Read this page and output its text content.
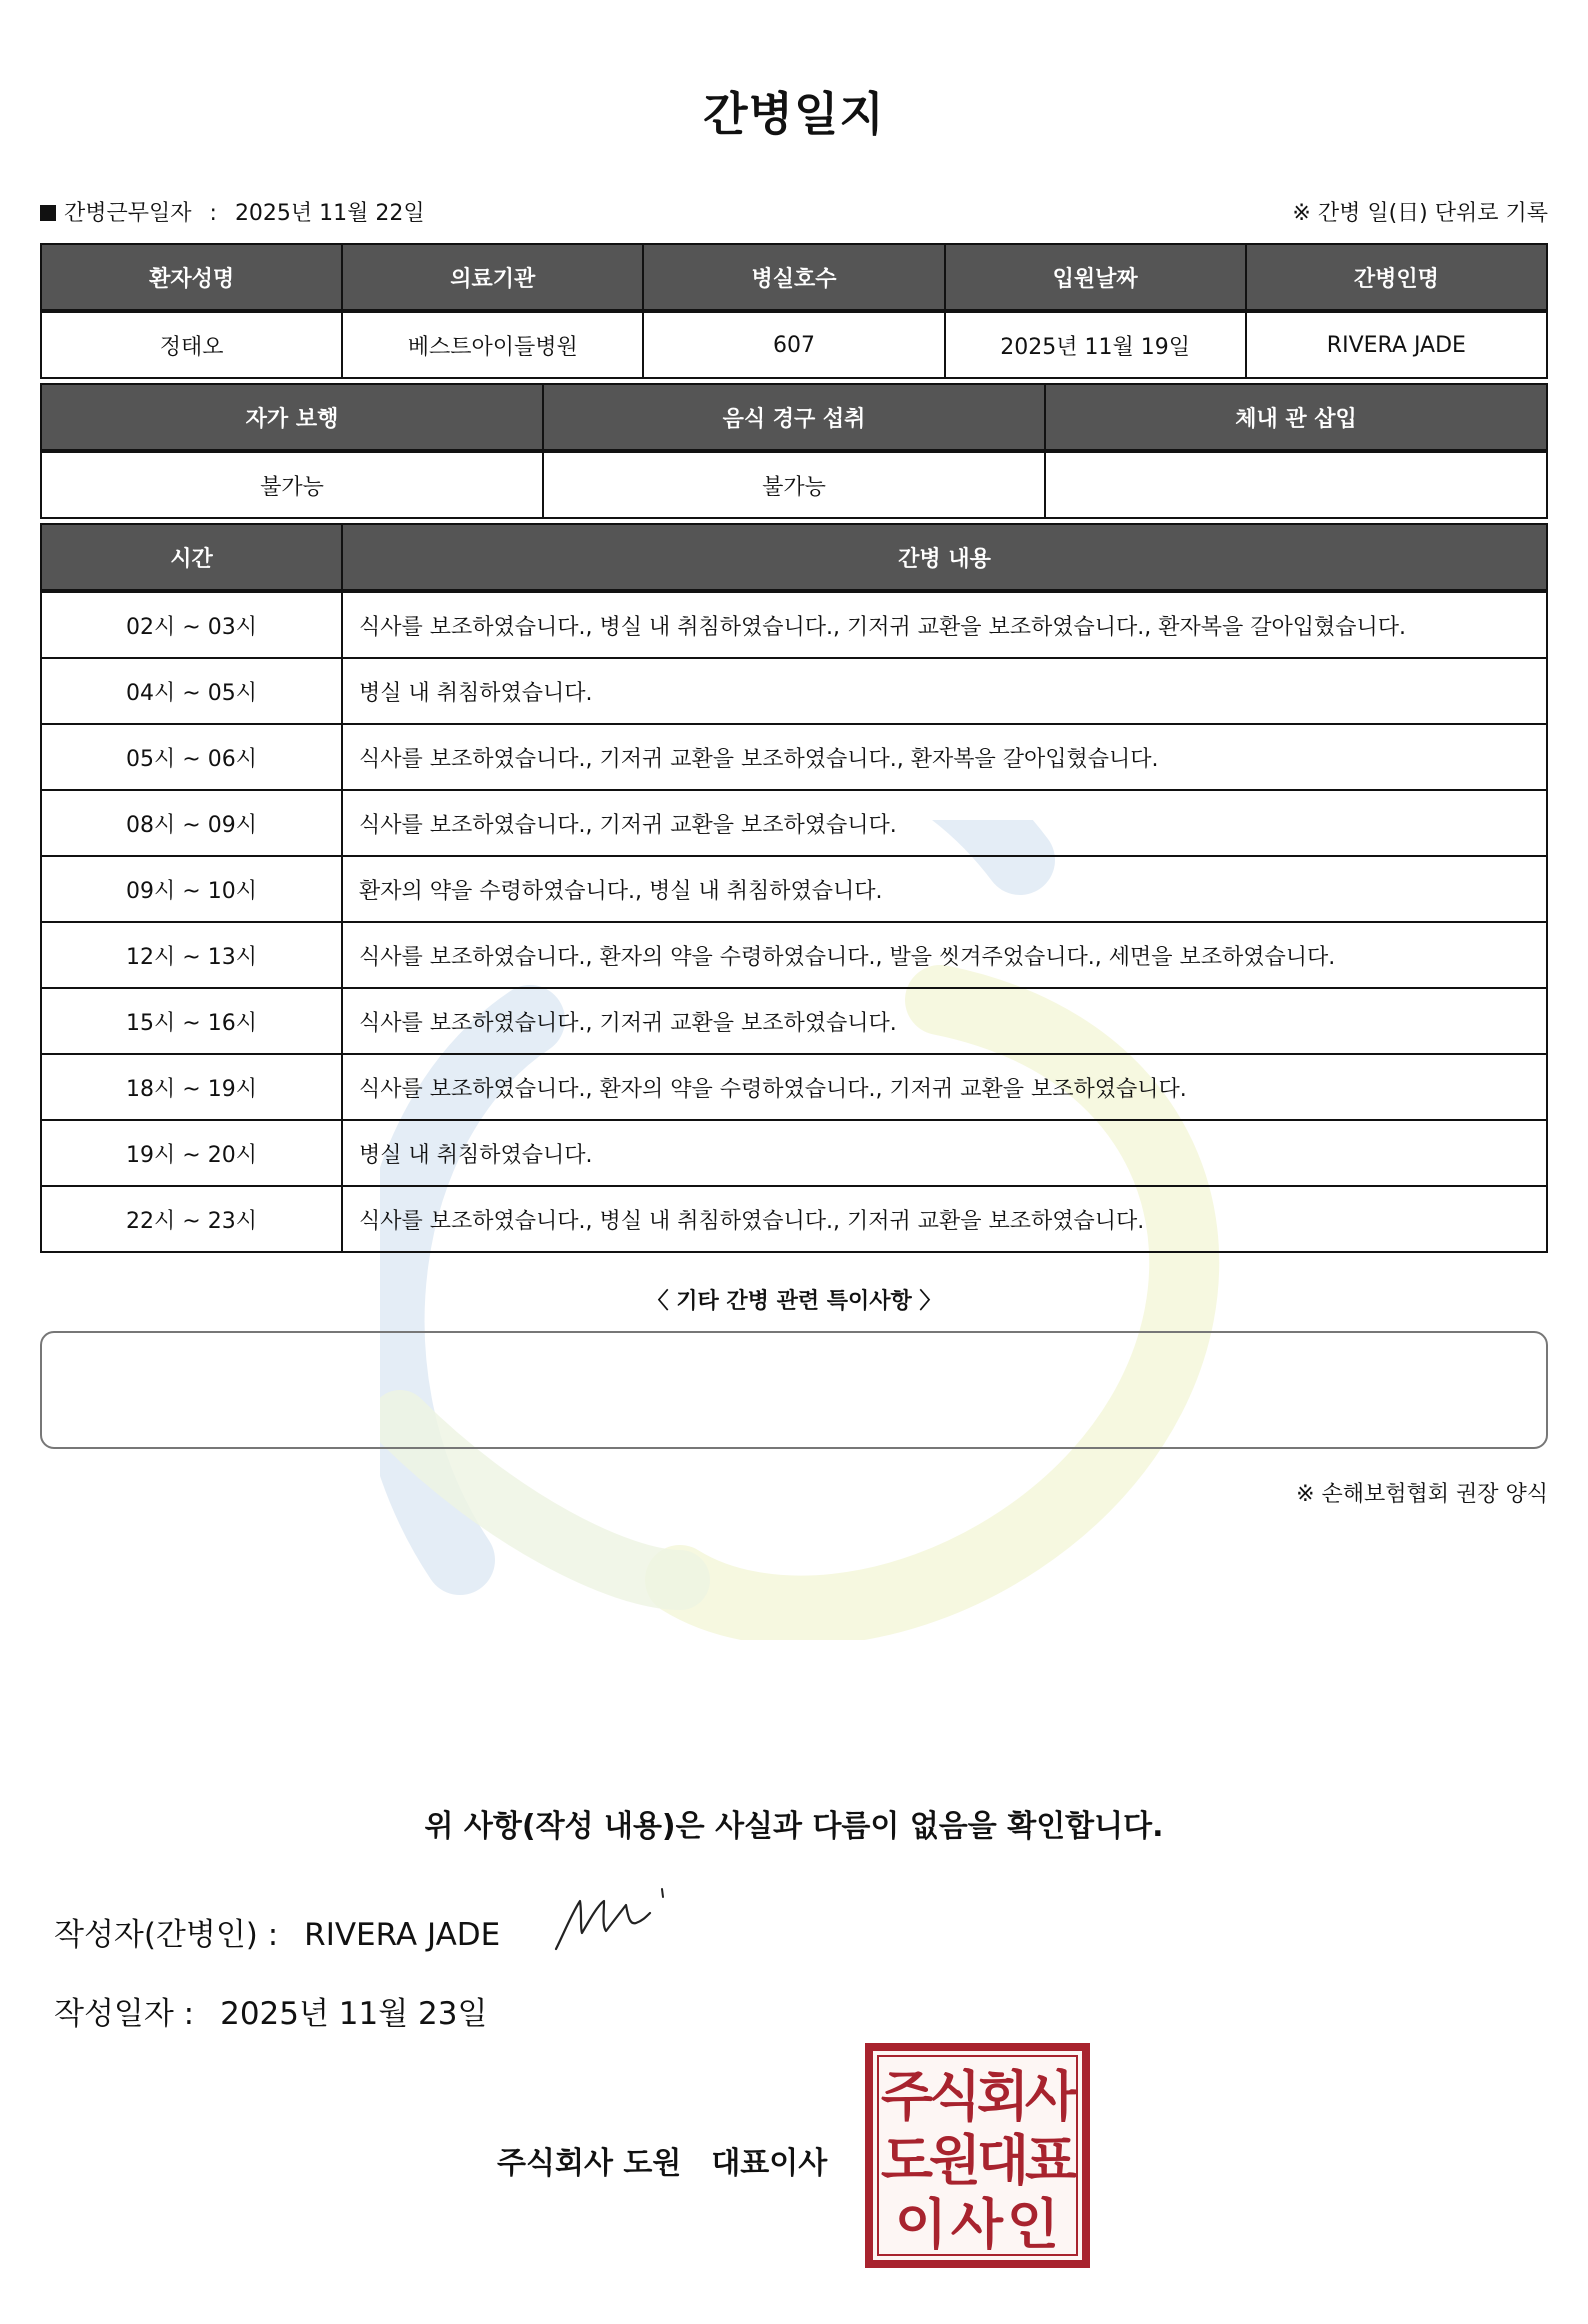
간병일지
간병근무일자 : 2025년 11월 22일	※ 간병 일(日) 단위로 기록
환자성명	의료기관	병실호수	입원날짜	간병인명
정태오	베스트아이들병원	607	2025년 11월 19일	RIVERA JADE
자가 보행	음식 경구 섭취	체내 관 삽입
불가능	불가능	
시간	간병 내용
02시 ~ 03시	식사를 보조하였습니다., 병실 내 취침하였습니다., 기저귀 교환을 보조하였습니다., 환자복을 갈아입혔습니다.
04시 ~ 05시	병실 내 취침하였습니다.
05시 ~ 06시	식사를 보조하였습니다., 기저귀 교환을 보조하였습니다., 환자복을 갈아입혔습니다.
08시 ~ 09시	식사를 보조하였습니다., 기저귀 교환을 보조하였습니다.
09시 ~ 10시	환자의 약을 수령하였습니다., 병실 내 취침하였습니다.
12시 ~ 13시	식사를 보조하였습니다., 환자의 약을 수령하였습니다., 발을 씻겨주었습니다., 세면을 보조하였습니다.
15시 ~ 16시	식사를 보조하였습니다., 기저귀 교환을 보조하였습니다.
18시 ~ 19시	식사를 보조하였습니다., 환자의 약을 수령하였습니다., 기저귀 교환을 보조하였습니다.
19시 ~ 20시	병실 내 취침하였습니다.
22시 ~ 23시	식사를 보조하였습니다., 병실 내 취침하였습니다., 기저귀 교환을 보조하였습니다.
〈 기타 간병 관련 특이사항 〉
※ 손해보험협회 권장 양식
위 사항(작성 내용)은 사실과 다름이 없음을 확인합니다.
작성자(간병인) : RIVERA JADE
작성일자 : 2025년 11월 23일
주식회사 도원 대표이사
주
식
회
사
도
원
대
표
이 사 인
